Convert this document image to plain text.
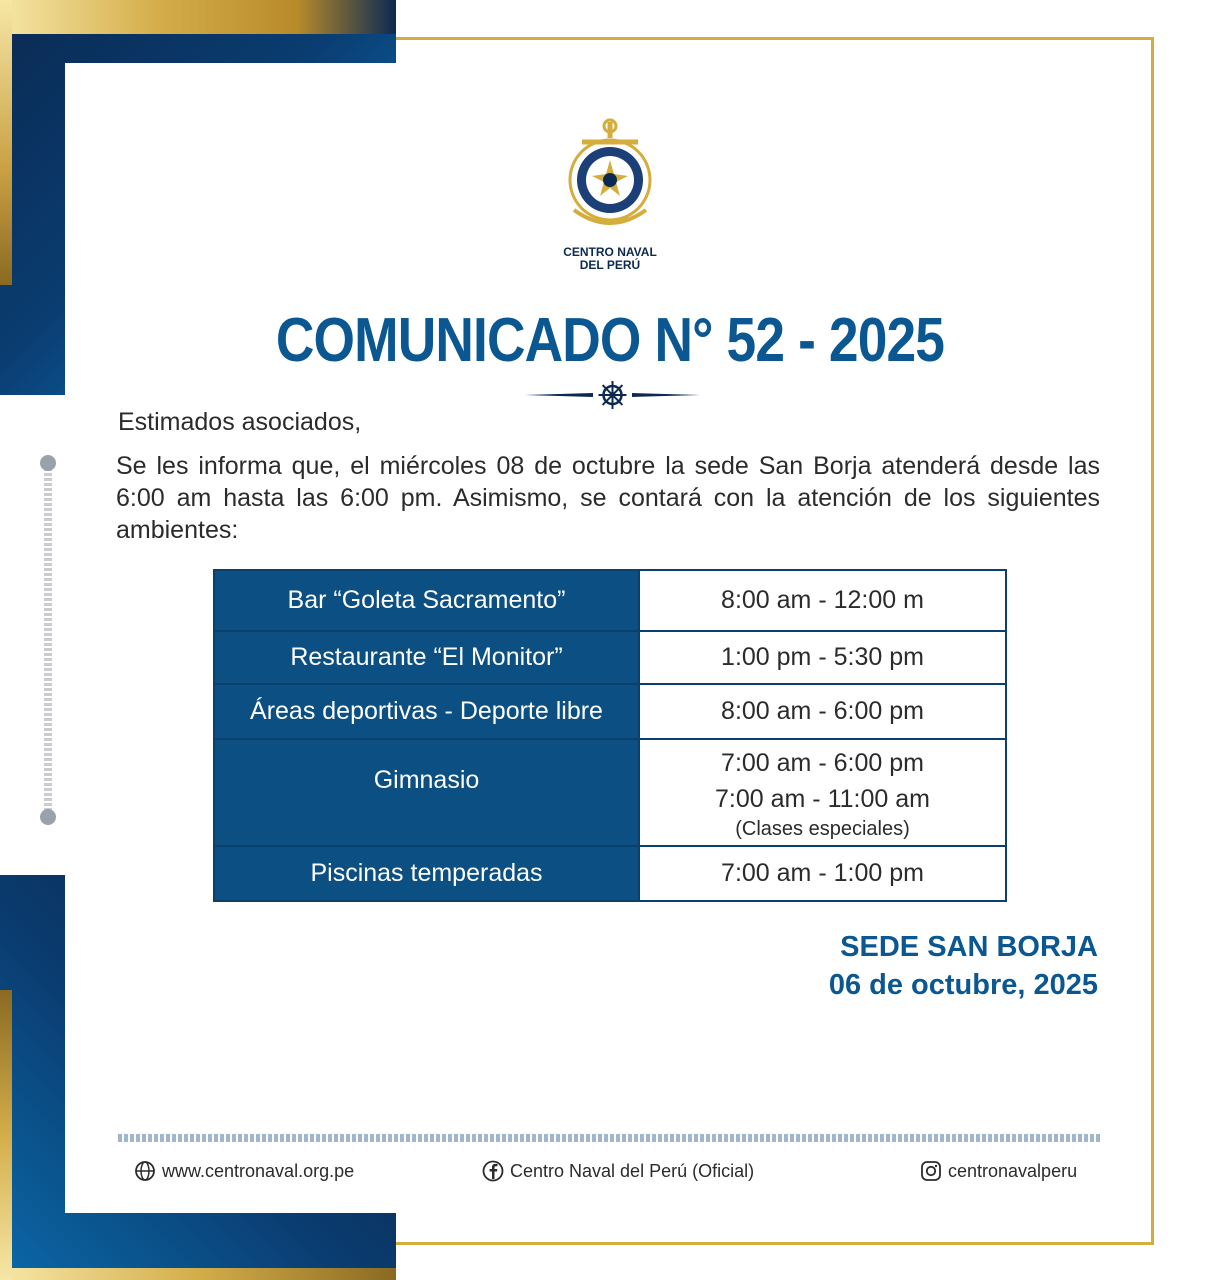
CENTRO NAVAL
DEL PERÚ
COMUNICADO N° 52 - 2025
Estimados asociados,
Se les informa que, el miércoles 08 de octubre la sede San Borja atenderá desde las 6:00 am hasta las 6:00 pm. Asimismo, se contará con la atención de los siguientes ambientes:
Bar “Goleta Sacramento”	8:00 am - 12:00 m
Restaurante “El Monitor”	1:00 pm - 5:30 pm
Áreas deportivas - Deporte libre	8:00 am - 6:00 pm
Gimnasio	7:00 am - 6:00 pm
7:00 am - 11:00 am
(Clases especiales)

Piscinas temperadas	7:00 am - 1:00 pm
SEDE SAN BORJA
06 de octubre, 2025
www.centronaval.org.pe	Centro Naval del Perú (Oficial)	centronavalperu
